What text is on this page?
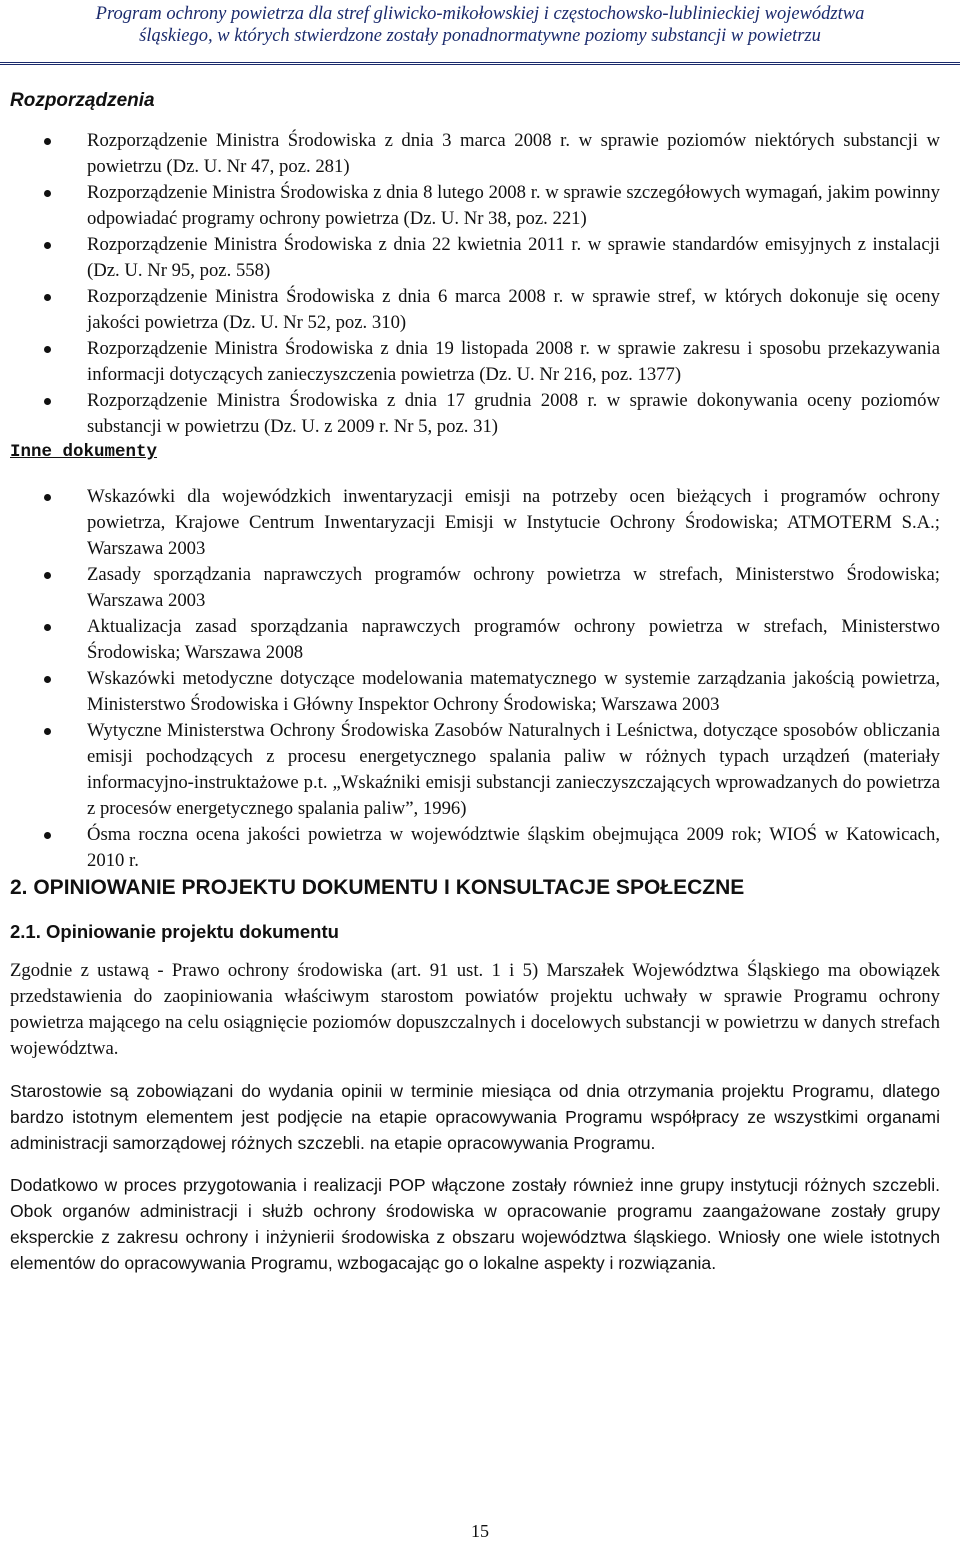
Program ochrony powietrza dla stref gliwicko-mikołowskiej i częstochowsko-lublinieckiej województwa
śląskiego, w których stwierdzone zostały ponadnormatywne poziomy substancji w powietrzu
Rozporządzenia
Rozporządzenie Ministra Środowiska z dnia 3 marca 2008 r. w sprawie poziomów niektórych substancji w powietrzu (Dz. U. Nr 47, poz. 281)
Rozporządzenie Ministra Środowiska z dnia 8 lutego 2008 r. w sprawie szczegółowych wymagań, jakim powinny odpowiadać programy ochrony powietrza (Dz. U. Nr 38, poz. 221)
Rozporządzenie Ministra Środowiska z dnia 22 kwietnia 2011 r. w sprawie standardów emisyjnych z instalacji (Dz. U. Nr 95, poz. 558)
Rozporządzenie Ministra Środowiska z dnia 6 marca 2008 r. w sprawie stref, w których dokonuje się oceny jakości powietrza (Dz. U. Nr 52, poz. 310)
Rozporządzenie Ministra Środowiska z dnia 19 listopada 2008 r. w sprawie zakresu i sposobu przekazywania informacji dotyczących zanieczyszczenia powietrza (Dz. U. Nr 216, poz. 1377)
Rozporządzenie Ministra Środowiska z dnia 17 grudnia 2008 r. w sprawie dokonywania oceny poziomów substancji w powietrzu (Dz. U. z 2009 r. Nr 5, poz. 31)
Inne dokumenty
Wskazówki dla wojewódzkich inwentaryzacji emisji na potrzeby ocen bieżących i programów ochrony powietrza, Krajowe Centrum Inwentaryzacji Emisji w Instytucie Ochrony Środowiska; ATMOTERM S.A.; Warszawa 2003
Zasady sporządzania naprawczych programów ochrony powietrza w strefach, Ministerstwo Środowiska; Warszawa 2003
Aktualizacja zasad sporządzania naprawczych programów ochrony powietrza w strefach, Ministerstwo Środowiska; Warszawa 2008
Wskazówki metodyczne dotyczące modelowania matematycznego w systemie zarządzania jakością powietrza, Ministerstwo Środowiska i Główny Inspektor Ochrony Środowiska; Warszawa 2003
Wytyczne Ministerstwa Ochrony Środowiska Zasobów Naturalnych i Leśnictwa, dotyczące sposobów obliczania emisji pochodzących z procesu energetycznego spalania paliw w różnych typach urządzeń (materiały informacyjno-instruktażowe p.t. „Wskaźniki emisji substancji zanieczyszczających wprowadzanych do powietrza z procesów energetycznego spalania paliw”, 1996)
Ósma roczna ocena jakości powietrza w województwie śląskim obejmująca 2009 rok; WIOŚ w Katowicach, 2010 r.
2. OPINIOWANIE PROJEKTU DOKUMENTU I KONSULTACJE SPOŁECZNE
2.1. Opiniowanie projektu dokumentu

Zgodnie z ustawą - Prawo ochrony środowiska (art. 91 ust. 1 i 5) Marszałek Województwa Śląskiego ma obowiązek przedstawienia do zaopiniowania właściwym starostom powiatów projektu uchwały w sprawie Programu ochrony powietrza mającego na celu osiągnięcie poziomów dopuszczalnych i docelowych substancji w powietrzu w danych strefach województwa.

Starostowie są zobowiązani do wydania opinii w terminie miesiąca od dnia otrzymania projektu Programu, dlatego bardzo istotnym elementem jest podjęcie na etapie opracowywania Programu współpracy ze wszystkimi organami administracji samorządowej różnych szczebli. na etapie opracowywania Programu.

Dodatkowo w proces przygotowania i realizacji POP włączone zostały również inne grupy instytucji różnych szczebli. Obok organów administracji i służb ochrony środowiska w opracowanie programu zaangażowane zostały grupy eksperckie z zakresu ochrony i inżynierii środowiska z obszaru województwa śląskiego. Wniosły one wiele istotnych elementów do opracowywania Programu, wzbogacając go o lokalne aspekty i rozwiązania.

15
